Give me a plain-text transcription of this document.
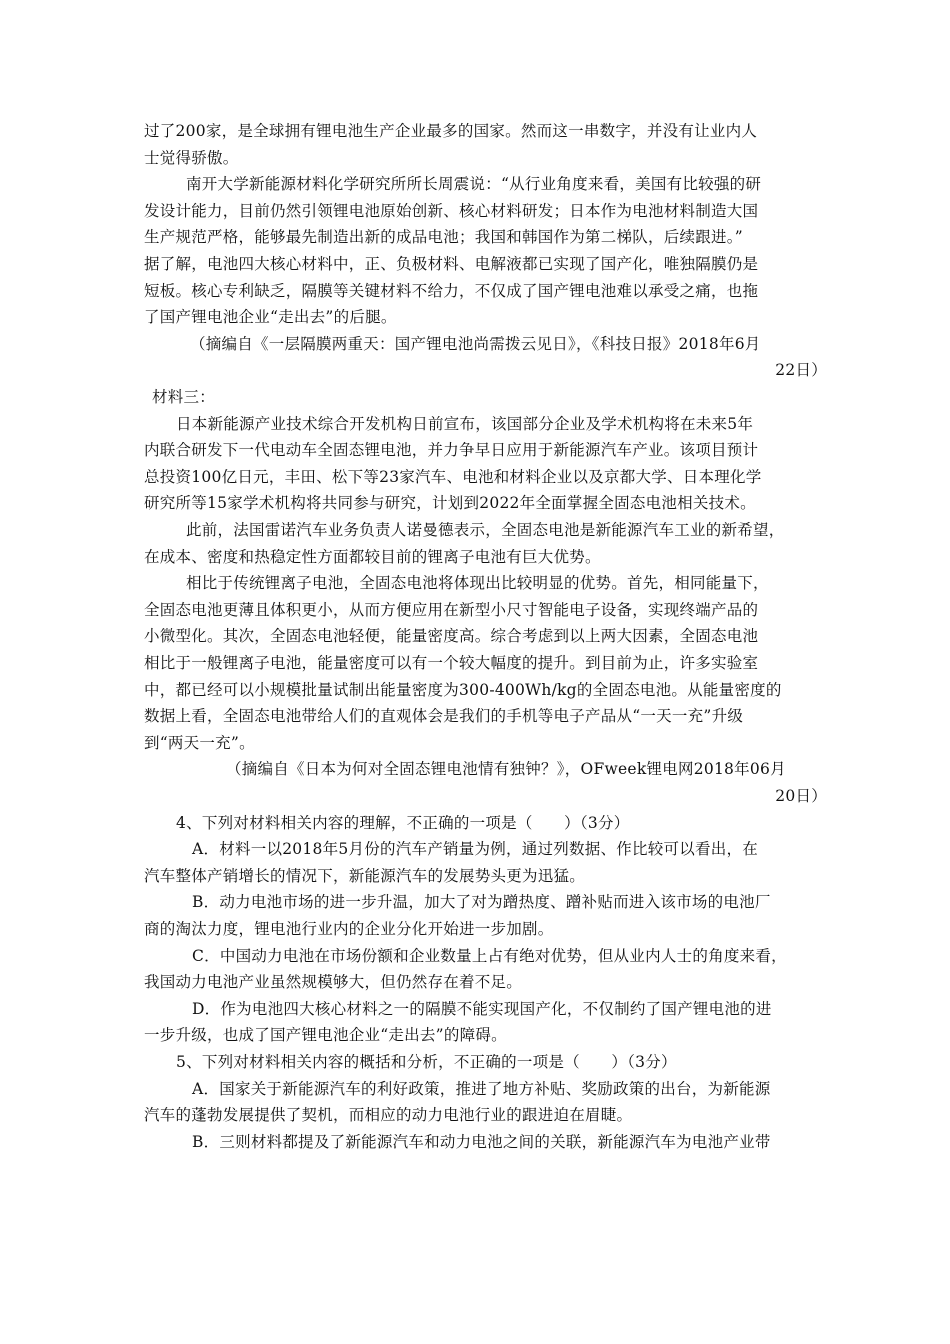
过了200家，是全球拥有锂电池生产企业最多的国家。然而这一串数字，并没有让业内人
士觉得骄傲。
南开大学新能源材料化学研究所所长周震说：“从行业角度来看，美国有比较强的研
发设计能力，目前仍然引领锂电池原始创新、核心材料研发；日本作为电池材料制造大国
生产规范严格，能够最先制造出新的成品电池；我国和韩国作为第二梯队，后续跟进。”
据了解，电池四大核心材料中，正、负极材料、电解液都已实现了国产化，唯独隔膜仍是
短板。核心专利缺乏，隔膜等关键材料不给力，不仅成了国产锂电池难以承受之痛，也拖
了国产锂电池企业“走出去”的后腿。
（摘编自《一层隔膜两重天：国产锂电池尚需拨云见日》，《科技日报》2018年6月
22日）
材料三：
日本新能源产业技术综合开发机构日前宣布，该国部分企业及学术机构将在未来5年
内联合研发下一代电动车全固态锂电池，并力争早日应用于新能源汽车产业。该项目预计
总投资100亿日元，丰田、松下等23家汽车、电池和材料企业以及京都大学、日本理化学
研究所等15家学术机构将共同参与研究，计划到2022年全面掌握全固态电池相关技术。
此前，法国雷诺汽车业务负责人诺曼德表示，全固态电池是新能源汽车工业的新希望，
在成本、密度和热稳定性方面都较目前的锂离子电池有巨大优势。
相比于传统锂离子电池，全固态电池将体现出比较明显的优势。首先，相同能量下，
全固态电池更薄且体积更小，从而方便应用在新型小尺寸智能电子设备，实现终端产品的
小微型化。其次，全固态电池轻便，能量密度高。综合考虑到以上两大因素，全固态电池
相比于一般锂离子电池，能量密度可以有一个较大幅度的提升。到目前为止，许多实验室
中，都已经可以小规模批量试制出能量密度为300-400Wh/kg的全固态电池。从能量密度的
数据上看，全固态电池带给人们的直观体会是我们的手机等电子产品从“一天一充”升级
到“两天一充”。
（摘编自《日本为何对全固态锂电池情有独钟？》，OFweek锂电网2018年06月
20日）
4、下列对材料相关内容的理解，不正确的一项是（　　）（3分）
A．材料一以2018年5月份的汽车产销量为例，通过列数据、作比较可以看出，在
汽车整体产销增长的情况下，新能源汽车的发展势头更为迅猛。
B．动力电池市场的进一步升温，加大了对为蹭热度、蹭补贴而进入该市场的电池厂
商的淘汰力度，锂电池行业内的企业分化开始进一步加剧。
C．中国动力电池在市场份额和企业数量上占有绝对优势，但从业内人士的角度来看，
我国动力电池产业虽然规模够大，但仍然存在着不足。
D．作为电池四大核心材料之一的隔膜不能实现国产化，不仅制约了国产锂电池的进
一步升级，也成了国产锂电池企业“走出去”的障碍。
5、下列对材料相关内容的概括和分析，不正确的一项是（　　）（3分）
A．国家关于新能源汽车的利好政策，推进了地方补贴、奖励政策的出台，为新能源
汽车的蓬勃发展提供了契机，而相应的动力电池行业的跟进迫在眉睫。
B．三则材料都提及了新能源汽车和动力电池之间的关联，新能源汽车为电池产业带
